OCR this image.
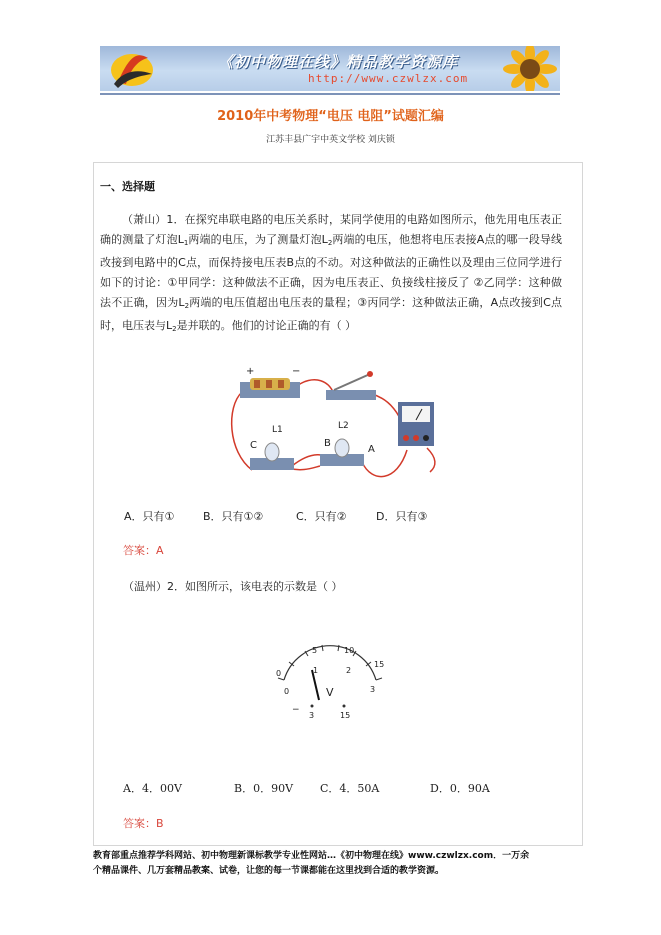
《初中物理在线》精品教学资源库
http://www.czwlzx.com
2010年中考物理“电压 电阻”试题汇编
江苏丰县广宇中英文学校 刘庆锁
一、选择题
（萧山）1．在探究串联电路的电压关系时，某同学使用的电路如图所示，他先用电压表正确的测量了灯泡$L_1$两端的电压，为了测量灯泡$L_2$两端的电压，他想将电压表接A点的哪一段导线改接到电路中的C点，而保持接电压表B点的不动。对这种做法的正确性以及理由三位同学进行如下的讨论：①甲同学：这种做法不正确，因为电压表正、负接线柱接反了 ②乙同学：这种做法不正确，因为$L_2$两端的电压值超出电压表的量程；③丙同学：这种做法正确，A点改接到C点时，电压表与$L_2$是并联的。他们的讨论正确的有（ ）
+	−
L1	L2
C	B
A
A．只有①	B．只有①②	C．只有②	D．只有③
答案：A
（温州）2．如图所示，该电表的示数是（ ）
5	10
15
0
0
1	2
3
V
−
3	15
A．4．00V	B．0．90V C．4．50A	D．0．90A
答案：B
教育部重点推荐学科网站、初中物理新课标教学专业性网站…《初中物理在线》www.czwlzx.com．一万余
个精品课件、几万套精品教案、试卷，让您的每一节课都能在这里找到合适的教学资源。
